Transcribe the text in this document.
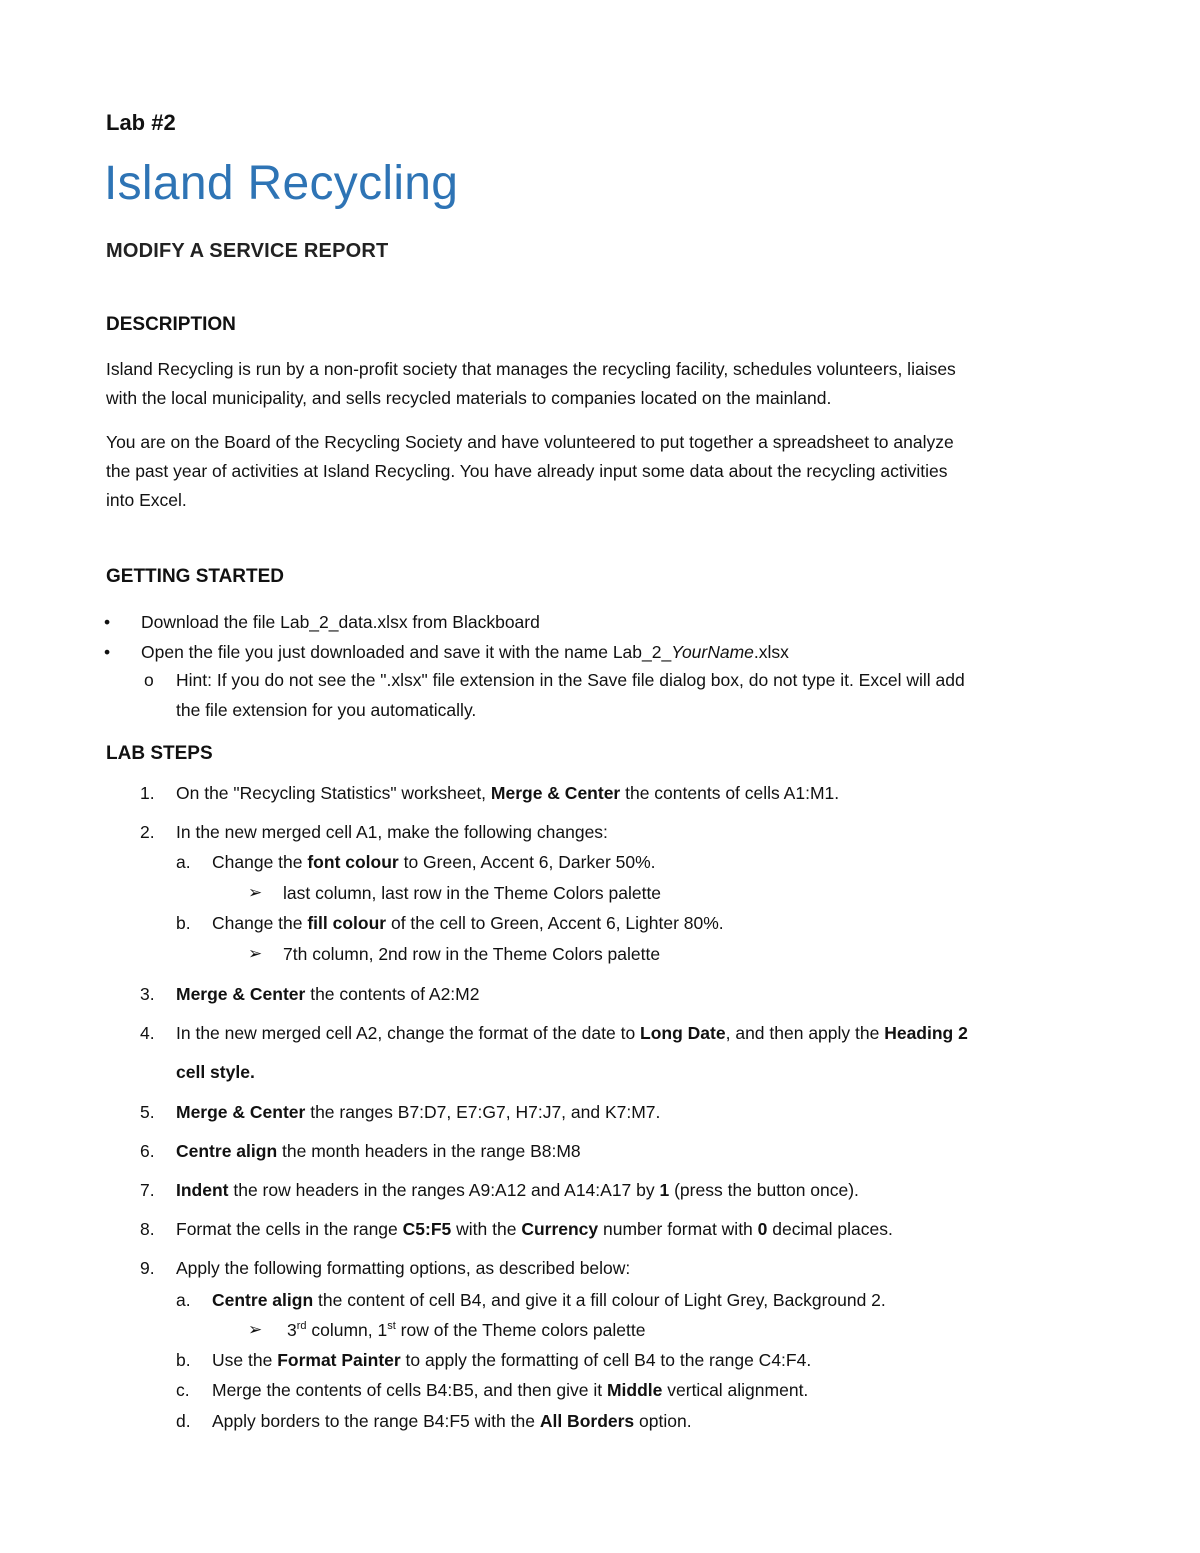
Lab #2
Island Recycling
MODIFY A SERVICE REPORT
DESCRIPTION
Island Recycling is run by a non-profit society that manages the recycling facility, schedules volunteers, liaises
with the local municipality, and sells recycled materials to companies located on the mainland.
You are on the Board of the Recycling Society and have volunteered to put together a spreadsheet to analyze
the past year of activities at Island Recycling. You have already input some data about the recycling activities
into Excel.
GETTING STARTED
• Download the file Lab_2_data.xlsx from Blackboard
• Open the file you just downloaded and save it with the name Lab_2_YourName.xlsx
o Hint: If you do not see the ".xlsx" file extension in the Save file dialog box, do not type it. Excel will add
the file extension for you automatically.
LAB STEPS
1. On the "Recycling Statistics" worksheet, Merge & Center the contents of cells A1:M1.
2. In the new merged cell A1, make the following changes:
a. Change the font colour to Green, Accent 6, Darker 50%.
➢ last column, last row in the Theme Colors palette
b. Change the fill colour of the cell to Green, Accent 6, Lighter 80%.
➢ 7th column, 2nd row in the Theme Colors palette
3. Merge & Center the contents of A2:M2
4. In the new merged cell A2, change the format of the date to Long Date, and then apply the Heading 2
cell style.
5. Merge & Center the ranges B7:D7, E7:G7, H7:J7, and K7:M7.
6. Centre align the month headers in the range B8:M8
7. Indent the row headers in the ranges A9:A12 and A14:A17 by 1 (press the button once).
8. Format the cells in the range C5:F5 with the Currency number format with 0 decimal places.
9. Apply the following formatting options, as described below:
a. Centre align the content of cell B4, and give it a fill colour of Light Grey, Background 2.
➢ 3rd column, 1st row of the Theme colors palette
b. Use the Format Painter to apply the formatting of cell B4 to the range C4:F4.
c. Merge the contents of cells B4:B5, and then give it Middle vertical alignment.
d. Apply borders to the range B4:F5 with the All Borders option.
